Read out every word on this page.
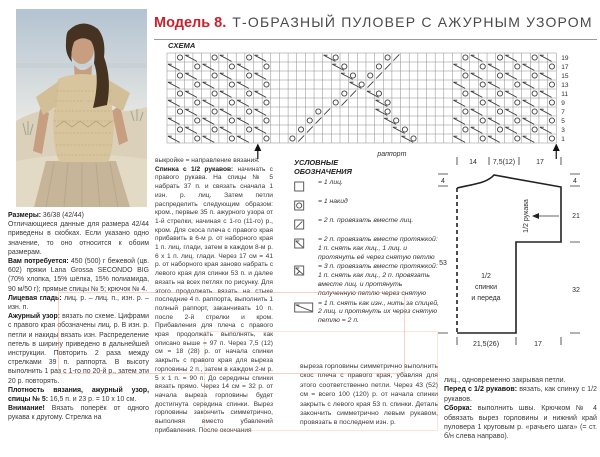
Модель 8. Т-ОБРАЗНЫЙ ПУЛОВЕР С АЖУРНЫМ УЗОРОМ
СХЕМА
19
17
15
13
11
9
7
5
3
1
раппорт
Размеры: 36/38 (42/44)
Отличающиеся данные для размера 42/44 приведены в скобках. Если указано одно значение, то оно относится к обоим размерам.
Вам потребуется: 450 (500) г бежевой (цв. 602) пряжи Lana Grossa SECONDO BIG (70% хлопка, 15% шёлка, 15% полиамида, 90 м/50 г); прямые спицы № 5; крючок № 4.
Лицевая гладь: лиц. р. – лиц. п., изн. р. – изн. п.
Ажурный узор: вязать по схеме. Цифрами с правого края обозначены лиц. р. В изн. р. петли и накиды вязать изн. Распределение петель в ширину приведено в дальнейшей инструкции. Повторить 2 раза между стрелками 39 п. раппорта. В высоту выполнить 1 раз с 1-го по 20-й р., затем эти 20 р. повторять.
Плотность вязания, ажурный узор, спицы № 5: 16,5 п. и 23 р. = 10 x 10 см.
Внимание! Вязать поперёк от одного рукава к другому. Стрелка на
выкройке = направление вязания.
Спинка с 1/2 рукавов: начинать с правого рукава. На спицы № 5 набрать 37 п. и связать сначала 1 изн. р. лиц. Затем петли распределить следующим образом: кром., первые 35 п. ажурного узора от 1-й стрелки, начиная с 1-го (11-го) р., кром. Для скоса плеча с правого края прибавить в 6-м р. от наборного края 1 п. лиц. глади, затем в каждом 8-м р. 6 х 1 п. лиц. глади. Через 17 см = 41 р. от наборного края заново набрать с левого края для спинки 53 п. и далее вязать на всех петлях по рисунку. Для этого продолжать вязать на стыке последние 4 п. раппорта, выполнить 1 полный раппорт, заканчивать 10 п. после 2-й стрелки и кром. Прибавления для плеча с правого края продолжать выполнять, как описано выше = 97 п. Через 7,5 (12) см = 18 (28) р. от начала спинки закрыть с правого края для выреза горловины 2 п., затем в каждом 2-м р. 5 х 1 п. = 90 п. До середины спинки вязать прямо. Через 14 см = 32 р. от начала выреза горловины будет достигнута середина спинки. Вырез горловины закончить симметрично, выполняя вместо убавлений прибавления. После окончания
выреза горловины симметрично выполнить скос плеча с правого края, убавляя для этого соответственно петли. Через 43 (52) см = всего 100 (120) р. от начала спинки закрыть с левого края 53 п. спинки. Деталь закончить симметрично левым рукавом, провязать в последнем изн. р.
лиц., одновременно закрывая петли.
Перед с 1/2 рукавов: вязать, как спинку с 1/2 рукавов.
Сборка: выполнить швы. Крючком № 4 обвязать вырез горловины и нижний край пуловера 1 круговым р. «рачьего шага» (= ст. б/н слева направо).
УСЛОВНЫЕ
ОБОЗНАЧЕНИЯ
= 1 лиц.
= 1 накид
= 2 п. провязать вместе лиц.
= 2 п. провязать вместе протяжкой: 1 п. снять как лиц., 1 лиц. и протянуть её через снятую петлю
= 3 п. провязать вместе протяжкой: 1 п. снять как лиц., 2 п. провязать вместе лиц. и протянуть полученную петлю через снятую
= 1 п. снять как изн., нить за спицей, 2 лиц. и протянуть их через снятую петлю = 2 п.
14 7,5(12)	17
4	4
21
32
53
21,5(26)	17
1/2
спинки
и переда
1/2 рукава
